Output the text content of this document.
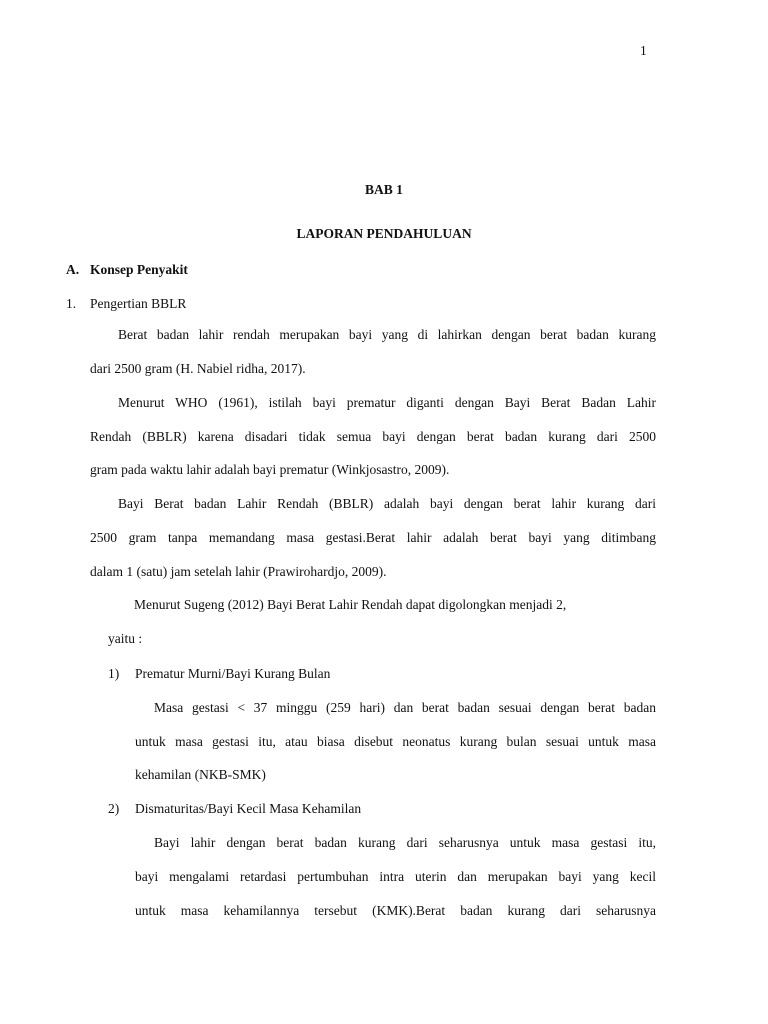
1
BAB 1
LAPORAN PENDAHULUAN
A. Konsep Penyakit
1. Pengertian BBLR
Berat badan lahir rendah merupakan bayi yang di lahirkan dengan berat badan kurang
dari 2500 gram (H. Nabiel ridha, 2017).
Menurut WHO (1961), istilah bayi prematur diganti dengan Bayi Berat Badan Lahir
Rendah (BBLR) karena disadari tidak semua bayi dengan berat badan kurang dari 2500
gram pada waktu lahir adalah bayi prematur (Winkjosastro, 2009).
Bayi Berat badan Lahir Rendah (BBLR) adalah bayi dengan berat lahir kurang dari
2500 gram tanpa memandang masa gestasi.Berat lahir adalah berat bayi yang ditimbang
dalam 1 (satu) jam setelah lahir (Prawirohardjo, 2009).
Menurut Sugeng (2012) Bayi Berat Lahir Rendah dapat digolongkan menjadi 2,
yaitu :
1) Prematur Murni/Bayi Kurang Bulan
Masa gestasi < 37 minggu (259 hari) dan berat badan sesuai dengan berat badan
untuk masa gestasi itu, atau biasa disebut neonatus kurang bulan sesuai untuk masa
kehamilan (NKB-SMK)
2) Dismaturitas/Bayi Kecil Masa Kehamilan
Bayi lahir dengan berat badan kurang dari seharusnya untuk masa gestasi itu,
bayi mengalami retardasi pertumbuhan intra uterin dan merupakan bayi yang kecil
untuk masa kehamilannya tersebut (KMK).Berat badan kurang dari seharusnya
